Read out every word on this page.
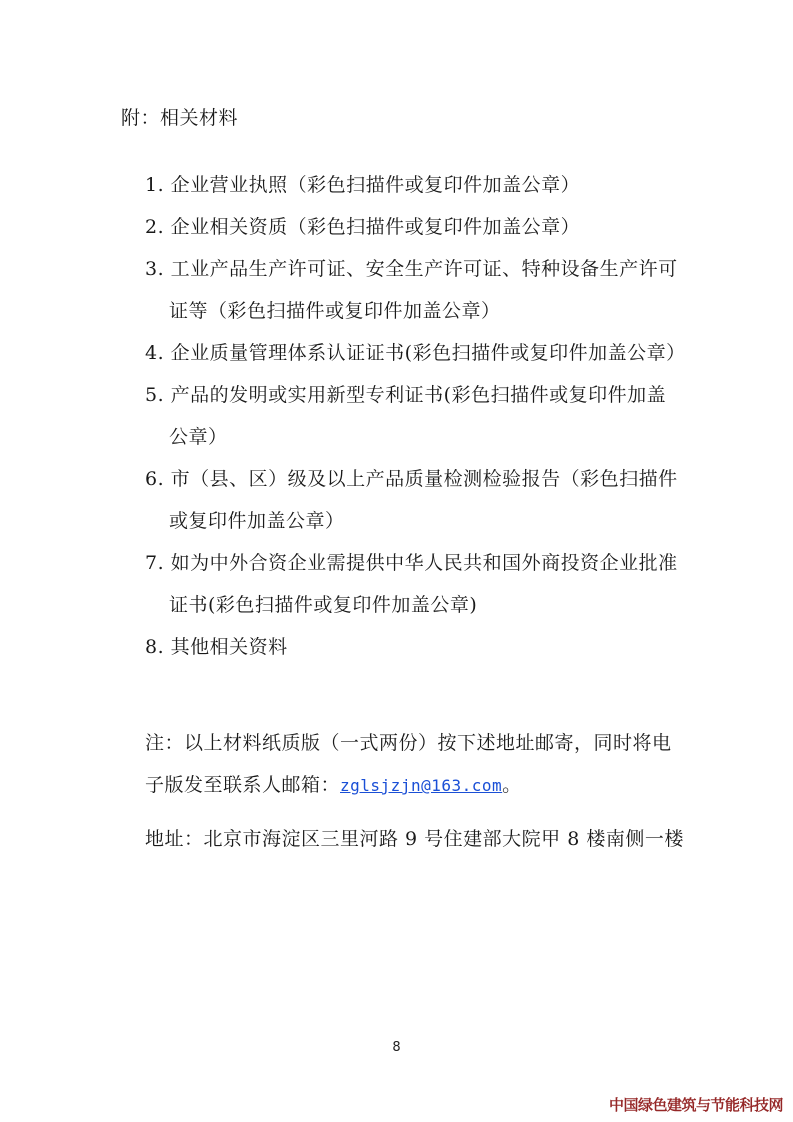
附：相关材料
1. 企业营业执照（彩色扫描件或复印件加盖公章）
2. 企业相关资质（彩色扫描件或复印件加盖公章）
3. 工业产品生产许可证、安全生产许可证、特种设备生产许可证等（彩色扫描件或复印件加盖公章）
4. 企业质量管理体系认证证书(彩色扫描件或复印件加盖公章）
5. 产品的发明或实用新型专利证书(彩色扫描件或复印件加盖公章）
6. 市（县、区）级及以上产品质量检测检验报告（彩色扫描件或复印件加盖公章）
7. 如为中外合资企业需提供中华人民共和国外商投资企业批准证书(彩色扫描件或复印件加盖公章)
8. 其他相关资料

注：以上材料纸质版（一式两份）按下述地址邮寄，同时将电子版发至联系人邮箱：zglsjzjn@163.com。

地址：北京市海淀区三里河路 9 号住建部大院甲 8 楼南侧一楼

8
中国绿色建筑与节能科技网
